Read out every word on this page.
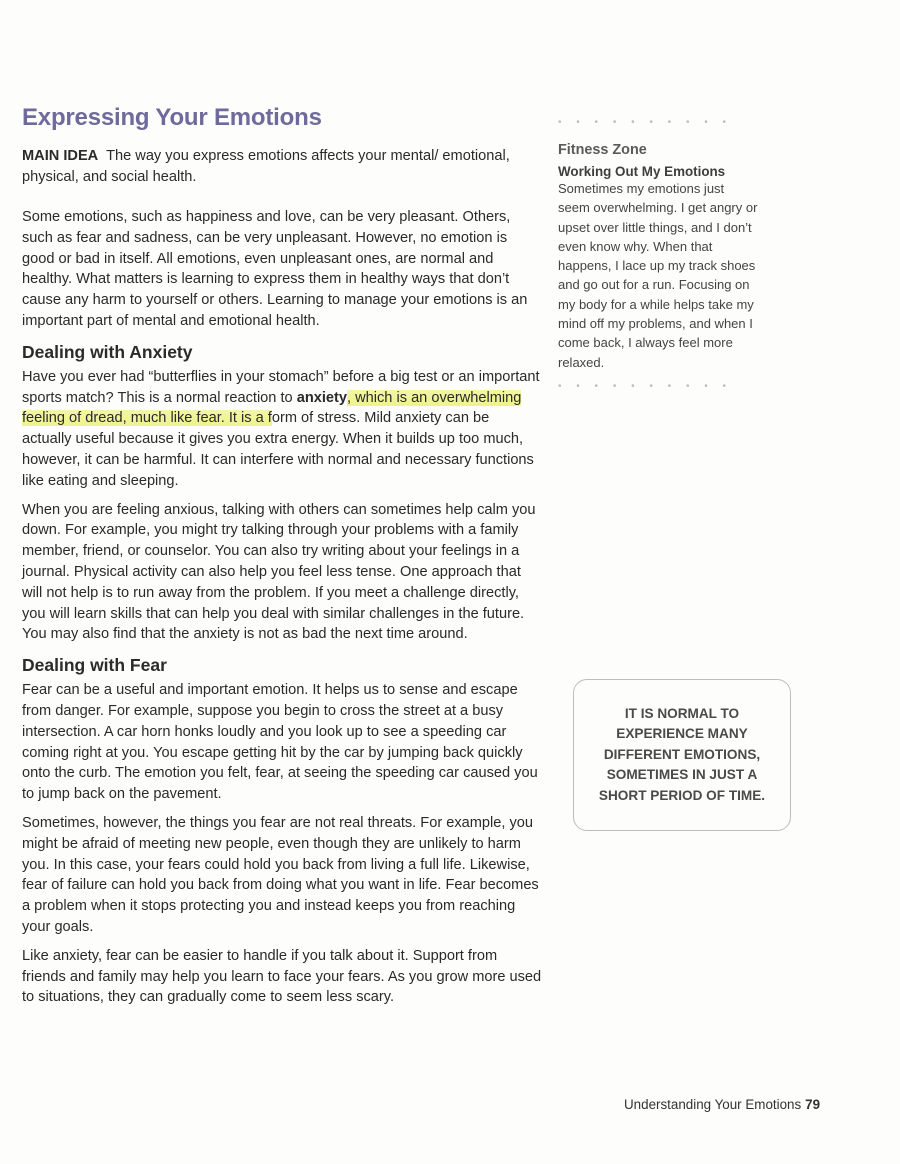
Expressing Your Emotions
MAIN IDEA The way you express emotions affects your mental/ emotional, physical, and social health.

Some emotions, such as happiness and love, can be very pleasant. Others, such as fear and sadness, can be very unpleasant. However, no emotion is good or bad in itself. All emotions, even unpleasant ones, are normal and healthy. What matters is learning to express them in healthy ways that don’t cause any harm to yourself or others. Learning to manage your emotions is an important part of mental and emotional health.

Dealing with Anxiety

Have you ever had “butterflies in your stomach” before a big test or an important sports match? This is a normal reaction to anxiety, which is an overwhelming feeling of dread, much like fear. It is a form of stress. Mild anxiety can be actually useful because it gives you extra energy. When it builds up too much, however, it can be harmful. It can interfere with normal and necessary functions like eating and sleeping.

When you are feeling anxious, talking with others can sometimes help calm you down. For example, you might try talking through your problems with a family member, friend, or counselor. You can also try writing about your feelings in a journal. Physical activity can also help you feel less tense. One approach that will not help is to run away from the problem. If you meet a challenge directly, you will learn skills that can help you deal with similar challenges in the future. You may also find that the anxiety is not as bad the next time around.

Dealing with Fear

Fear can be a useful and important emotion. It helps us to sense and escape from danger. For example, suppose you begin to cross the street at a busy intersection. A car horn honks loudly and you look up to see a speeding car coming right at you. You escape getting hit by the car by jumping back quickly onto the curb. The emotion you felt, fear, at seeing the speeding car caused you to jump back on the pavement.

Sometimes, however, the things you fear are not real threats. For example, you might be afraid of meeting new people, even though they are unlikely to harm you. In this case, your fears could hold you back from living a full life. Likewise, fear of failure can hold you back from doing what you want in life. Fear becomes a problem when it stops protecting you and instead keeps you from reaching your goals.

Like anxiety, fear can be easier to handle if you talk about it. Support from friends and family may help you learn to face your fears. As you grow more used to situations, they can gradually come to seem less scary.

• • • • • • • • • •
Fitness Zone
Working Out My Emotions
Sometimes my emotions just seem overwhelming. I get angry or upset over little things, and I don’t even know why. When that happens, I lace up my track shoes and go out for a run. Focusing on my body for a while helps take my mind off my problems, and when I come back, I always feel more relaxed.
• • • • • • • • • •
IT IS NORMAL TO EXPERIENCE MANY DIFFERENT EMOTIONS, SOMETIMES IN JUST A SHORT PERIOD OF TIME.
Understanding Your Emotions 79
